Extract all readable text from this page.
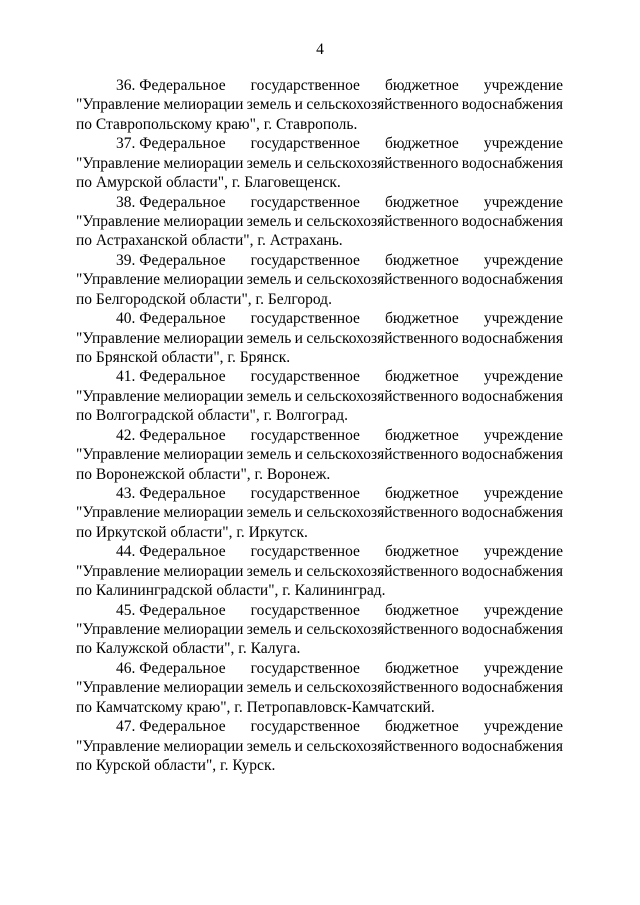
4
36. Федеральное государственное бюджетное учреждение
"Управление мелиорации земель и сельскохозяйственного водоснабжения
по Ставропольскому краю", г. Ставрополь.
37. Федеральное государственное бюджетное учреждение
"Управление мелиорации земель и сельскохозяйственного водоснабжения
по Амурской области", г. Благовещенск.
38. Федеральное государственное бюджетное учреждение
"Управление мелиорации земель и сельскохозяйственного водоснабжения
по Астраханской области", г. Астрахань.
39. Федеральное государственное бюджетное учреждение
"Управление мелиорации земель и сельскохозяйственного водоснабжения
по Белгородской области", г. Белгород.
40. Федеральное государственное бюджетное учреждение
"Управление мелиорации земель и сельскохозяйственного водоснабжения
по Брянской области", г. Брянск.
41. Федеральное государственное бюджетное учреждение
"Управление мелиорации земель и сельскохозяйственного водоснабжения
по Волгоградской области", г. Волгоград.
42. Федеральное государственное бюджетное учреждение
"Управление мелиорации земель и сельскохозяйственного водоснабжения
по Воронежской области", г. Воронеж.
43. Федеральное государственное бюджетное учреждение
"Управление мелиорации земель и сельскохозяйственного водоснабжения
по Иркутской области", г. Иркутск.
44. Федеральное государственное бюджетное учреждение
"Управление мелиорации земель и сельскохозяйственного водоснабжения
по Калининградской области", г. Калининград.
45. Федеральное государственное бюджетное учреждение
"Управление мелиорации земель и сельскохозяйственного водоснабжения
по Калужской области", г. Калуга.
46. Федеральное государственное бюджетное учреждение
"Управление мелиорации земель и сельскохозяйственного водоснабжения
по Камчатскому краю", г. Петропавловск-Камчатский.
47. Федеральное государственное бюджетное учреждение
"Управление мелиорации земель и сельскохозяйственного водоснабжения
по Курской области", г. Курск.
